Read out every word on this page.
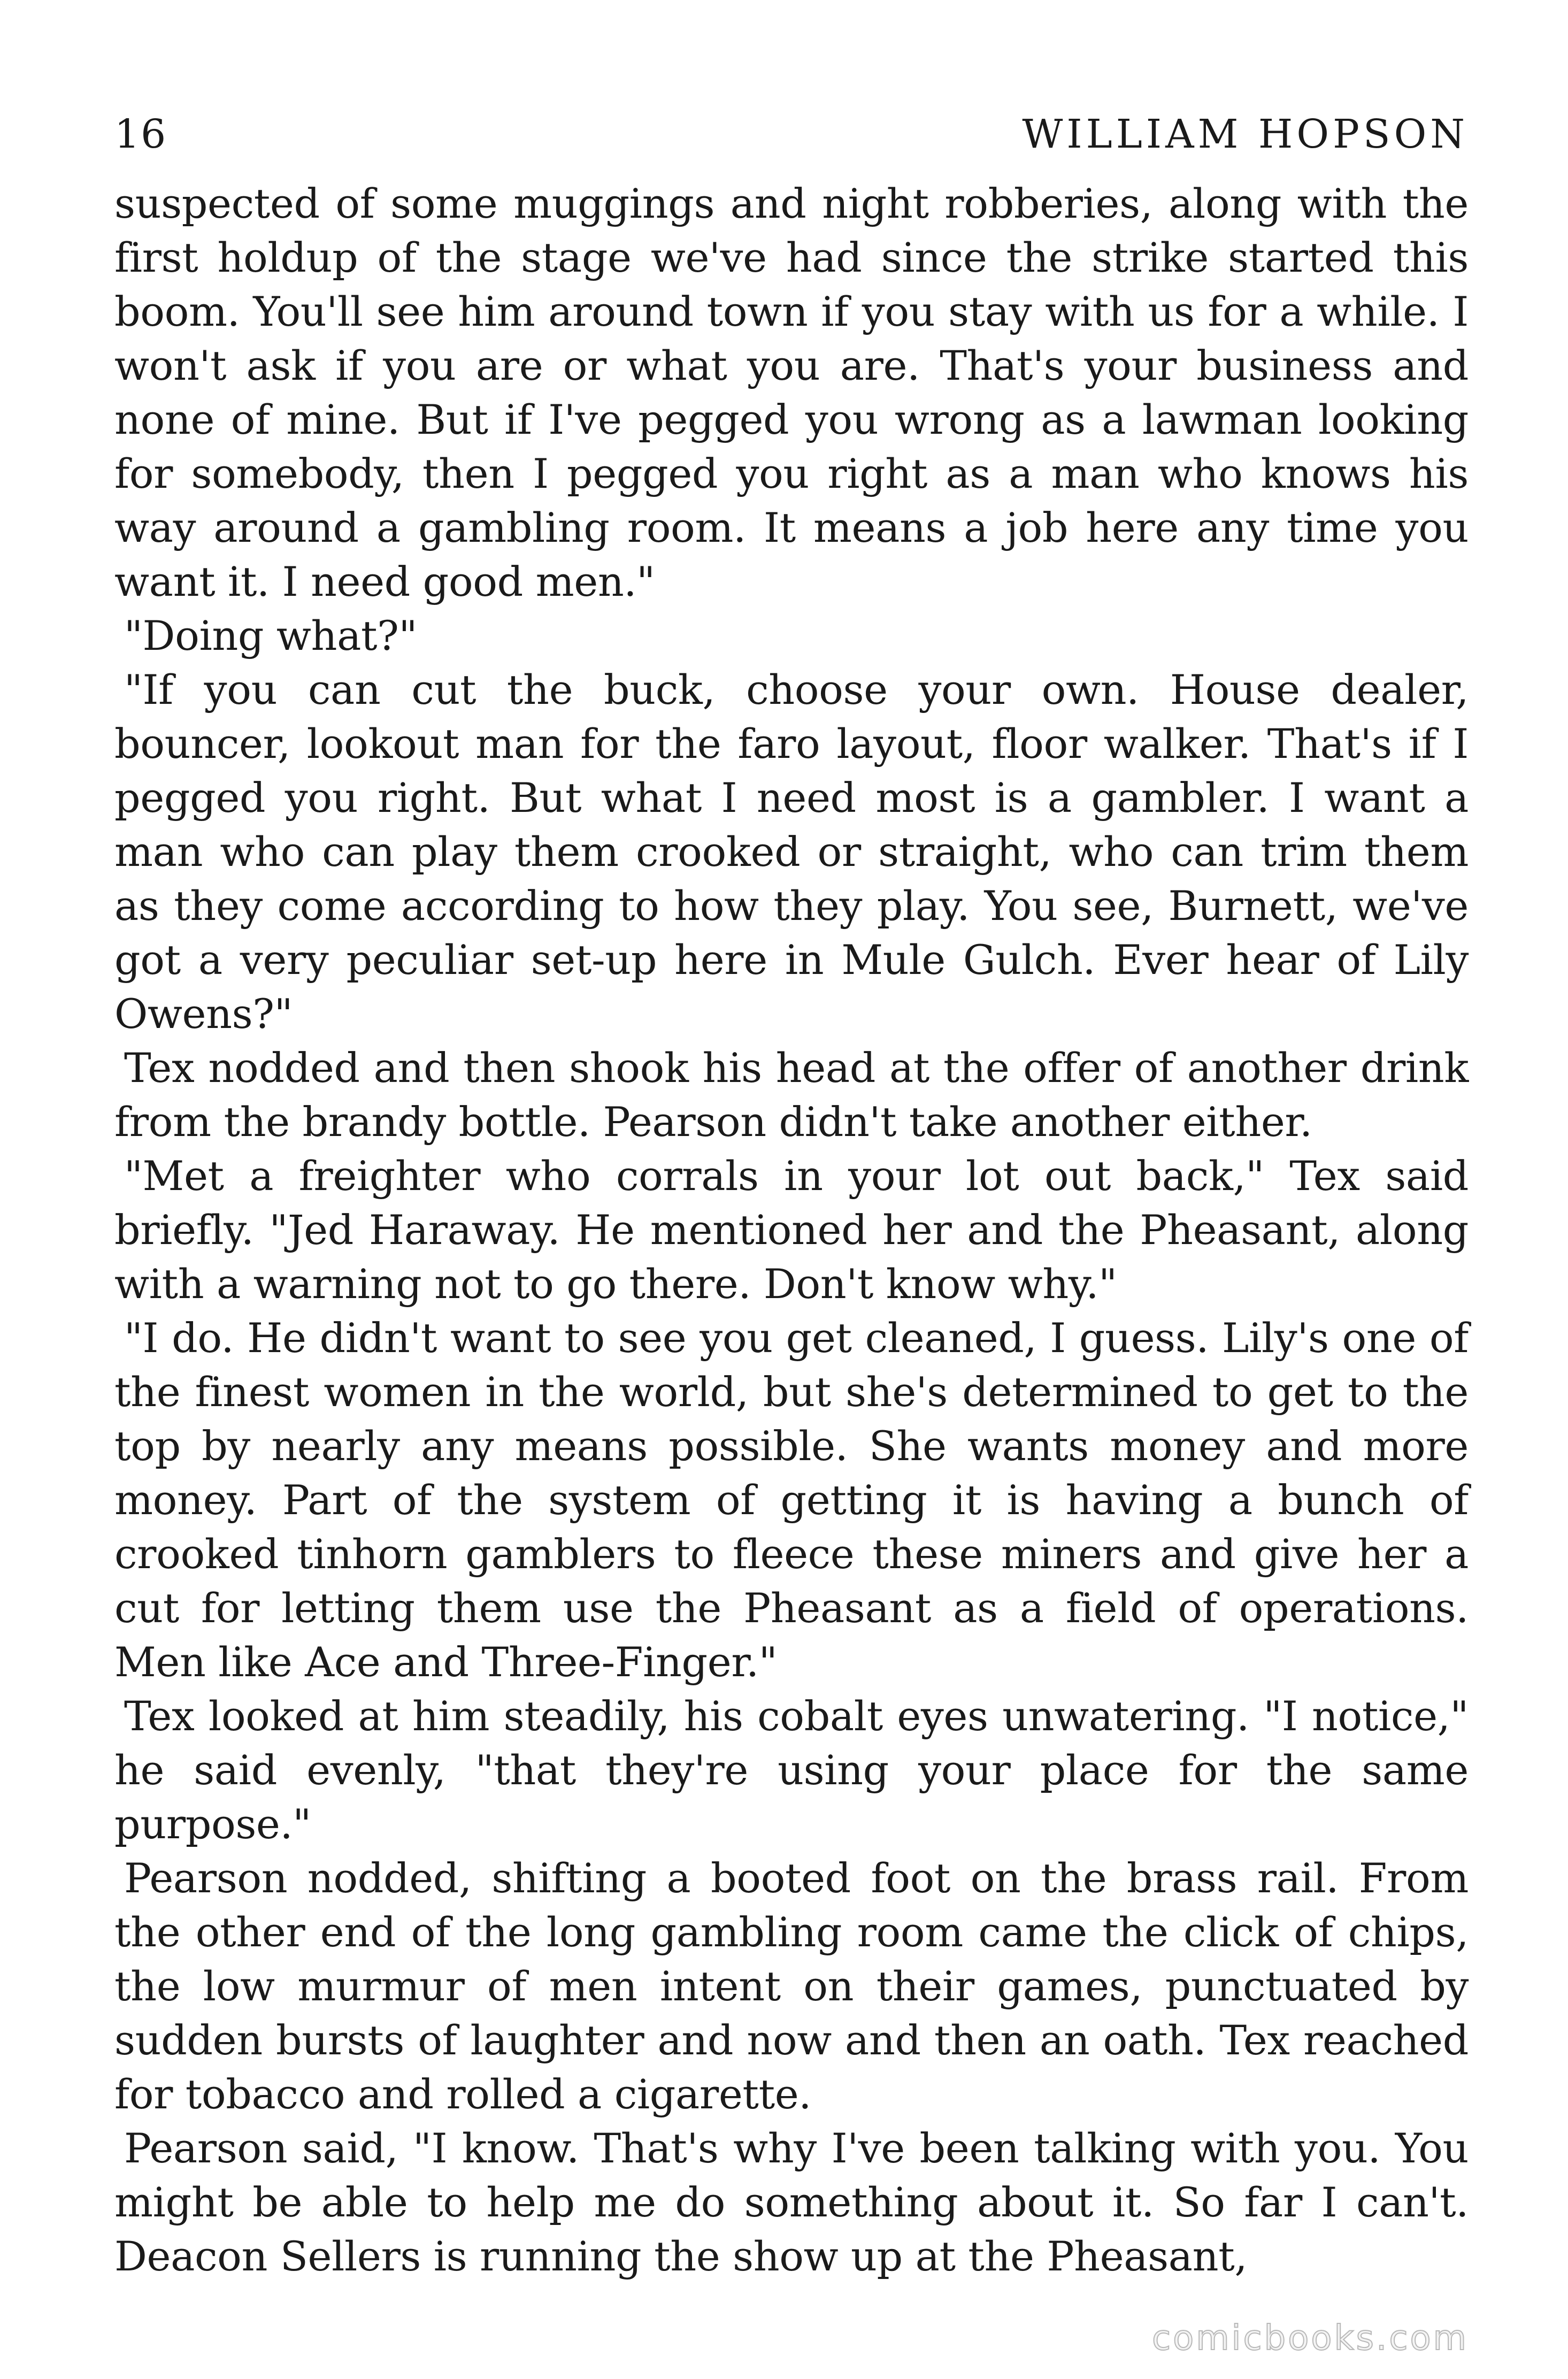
16	WILLIAM HOPSON

suspected of some muggings and night robberies, along with the first holdup of the stage we've had since the strike started this boom. You'll see him around town if you stay with us for a while. I won't ask if you are or what you are. That's your business and none of mine. But if I've pegged you wrong as a lawman looking for somebody, then I pegged you right as a man who knows his way around a gambling room. It means a job here any time you want it. I need good men."

"Doing what?"

"If you can cut the buck, choose your own. House dealer, bouncer, lookout man for the faro layout, floor walker. That's if I pegged you right. But what I need most is a gambler. I want a man who can play them crooked or straight, who can trim them as they come according to how they play. You see, Burnett, we've got a very peculiar set-up here in Mule Gulch. Ever hear of Lily Owens?"

Tex nodded and then shook his head at the offer of another drink from the brandy bottle. Pearson didn't take another either.

"Met a freighter who corrals in your lot out back," Tex said briefly. "Jed Haraway. He mentioned her and the Pheasant, along with a warning not to go there. Don't know why."

"I do. He didn't want to see you get cleaned, I guess. Lily's one of the finest women in the world, but she's determined to get to the top by nearly any means possible. She wants money and more money. Part of the system of getting it is having a bunch of crooked tinhorn gamblers to fleece these miners and give her a cut for letting them use the Pheasant as a field of operations. Men like Ace and Three-Finger."

Tex looked at him steadily, his cobalt eyes unwatering. "I notice," he said evenly, "that they're using your place for the same purpose."

Pearson nodded, shifting a booted foot on the brass rail. From the other end of the long gambling room came the click of chips, the low murmur of men intent on their games, punctuated by sudden bursts of laughter and now and then an oath. Tex reached for tobacco and rolled a cigarette.

Pearson said, "I know. That's why I've been talking with you. You might be able to help me do something about it. So far I can't. Deacon Sellers is running the show up at the Pheasant,

comicbooks.com
